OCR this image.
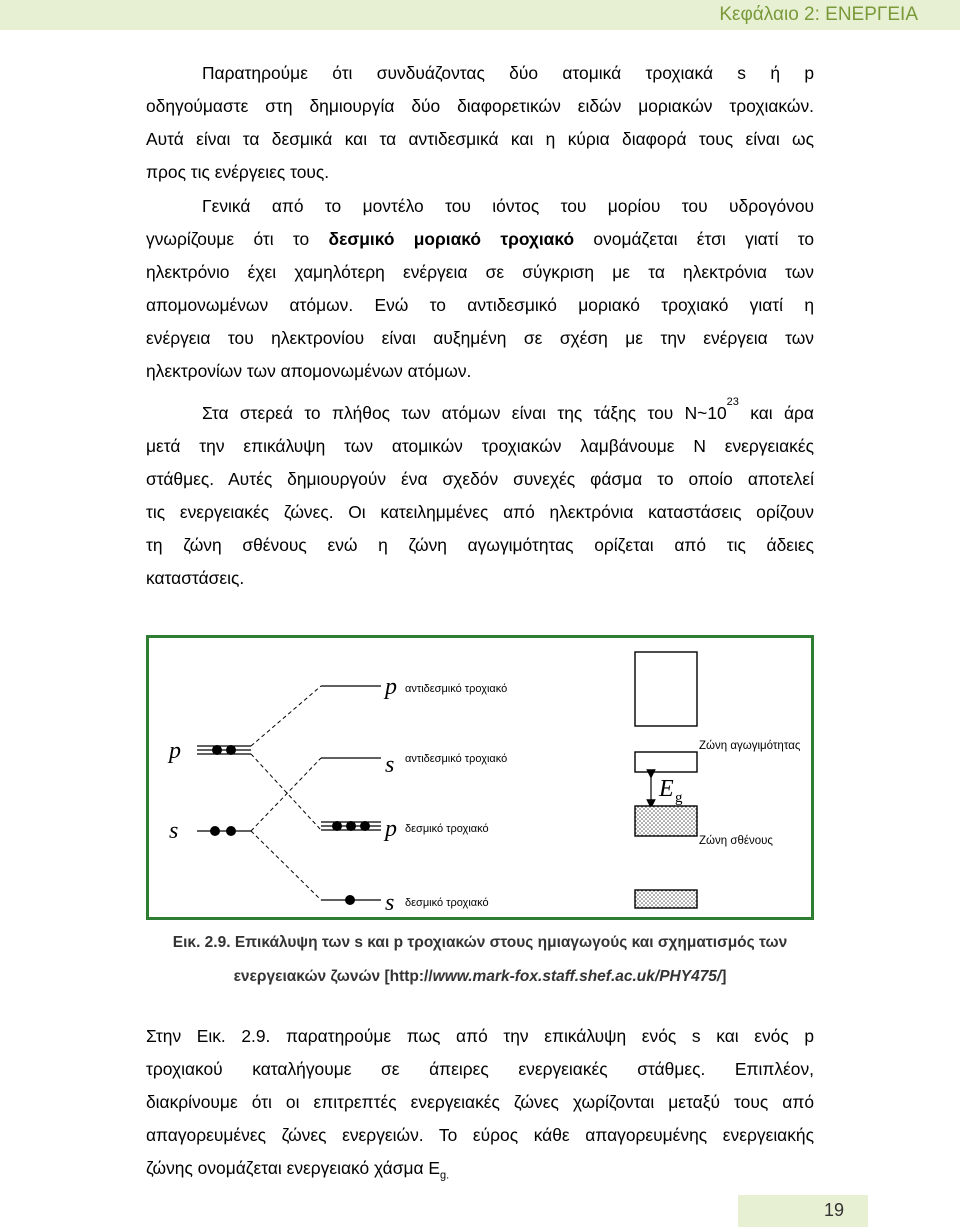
Κεφάλαιο 2: ΕΝΕΡΓΕΙΑ
Παρατηρούμε ότι συνδυάζοντας δύο ατομικά τροχιακά s ή p
οδηγούμαστε στη δημιουργία δύο διαφορετικών ειδών μοριακών τροχιακών.
Αυτά είναι τα δεσμικά και τα αντιδεσμικά και η κύρια διαφορά τους είναι ως
προς τις ενέργειες τους.
Γενικά από το μοντέλο του ιόντος του μορίου του υδρογόνου
γνωρίζουμε ότι το δεσμικό μοριακό τροχιακό ονομάζεται έτσι γιατί το
ηλεκτρόνιο έχει χαμηλότερη ενέργεια σε σύγκριση με τα ηλεκτρόνια των
απομονωμένων ατόμων. Ενώ το αντιδεσμικό μοριακό τροχιακό γιατί η
ενέργεια του ηλεκτρονίου είναι αυξημένη σε σχέση με την ενέργεια των
ηλεκτρονίων των απομονωμένων ατόμων.
Στα στερεά το πλήθος των ατόμων είναι της τάξης του $N\sim 10^{23}$ και άρα
μετά την επικάλυψη των ατομικών τροχιακών λαμβάνουμε Ν ενεργειακές
στάθμες. Αυτές δημιουργούν ένα σχεδόν συνεχές φάσμα το οποίο αποτελεί
τις ενεργειακές ζώνες. Οι κατειλημμένες από ηλεκτρόνια καταστάσεις ορίζουν
τη ζώνη σθένους ενώ η ζώνη αγωγιμότητας ορίζεται από τις άδειες
καταστάσεις.
p
s
p αντιδεσμικό τροχιακό
s αντιδεσμικό τροχιακό
p δεσμικό τροχιακό
s δεσμικό τροχιακό
Ζώνη αγωγιμότητας
E g
Ζώνη σθένους
Εικ. 2.9. Επικάλυψη των s και p τροχιακών στους ημιαγωγούς και σχηματισμός των
ενεργειακών ζωνών [http://www.mark-fox.staff.shef.ac.uk/PHY475/]
Στην Εικ. 2.9. παρατηρούμε πως από την επικάλυψη ενός s και ενός p
τροχιακού καταλήγουμε σε άπειρες ενεργειακές στάθμες. Επιπλέον,
διακρίνουμε ότι οι επιτρεπτές ενεργειακές ζώνες χωρίζονται μεταξύ τους από
απαγορευμένες ζώνες ενεργειών. Το εύρος κάθε απαγορευμένης ενεργειακής
ζώνης ονομάζεται ενεργειακό χάσμα $E_{g.}$
19
